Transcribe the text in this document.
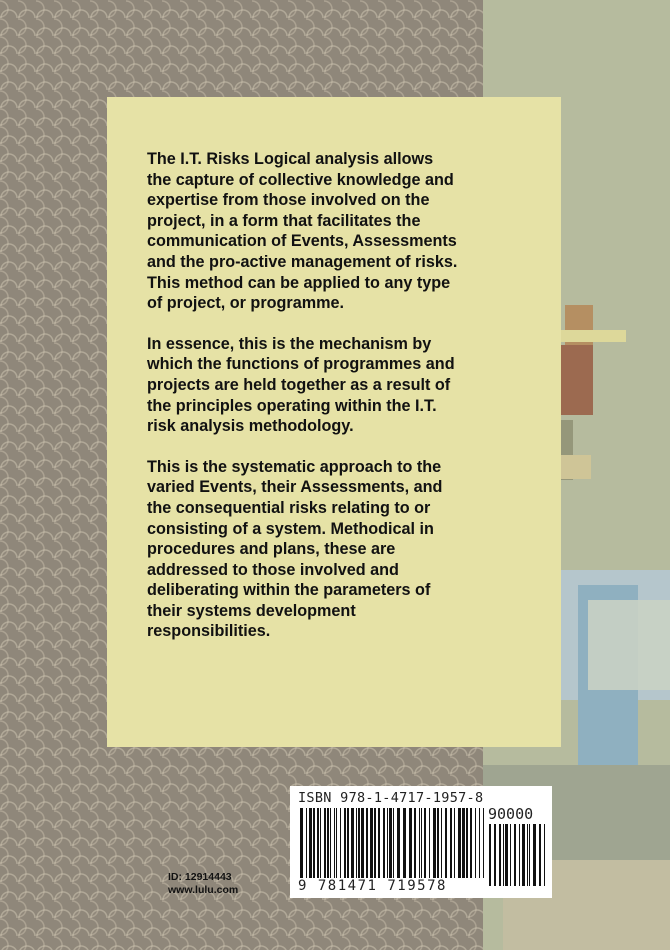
The I.T. Risks Logical analysis allows
the capture of collective knowledge and
expertise from those involved on the
project, in a form that facilitates the
communication of Events, Assessments
and the pro-active management of risks.
This method can be applied to any type
of project, or programme.

In essence, this is the mechanism by
which the functions of programmes and
projects are held together as a result of
the principles operating within the I.T.
risk analysis methodology.

This is the systematic approach to the
varied Events, their Assessments, and
the consequential risks relating to or
consisting of a system. Methodical in
procedures and plans, these are
addressed to those involved and
deliberating within the parameters of
their systems development
responsibilities.

ISBN 978-1-4717-1957-8
90000
9 781471 719578
ID: 12914443
www.lulu.com
